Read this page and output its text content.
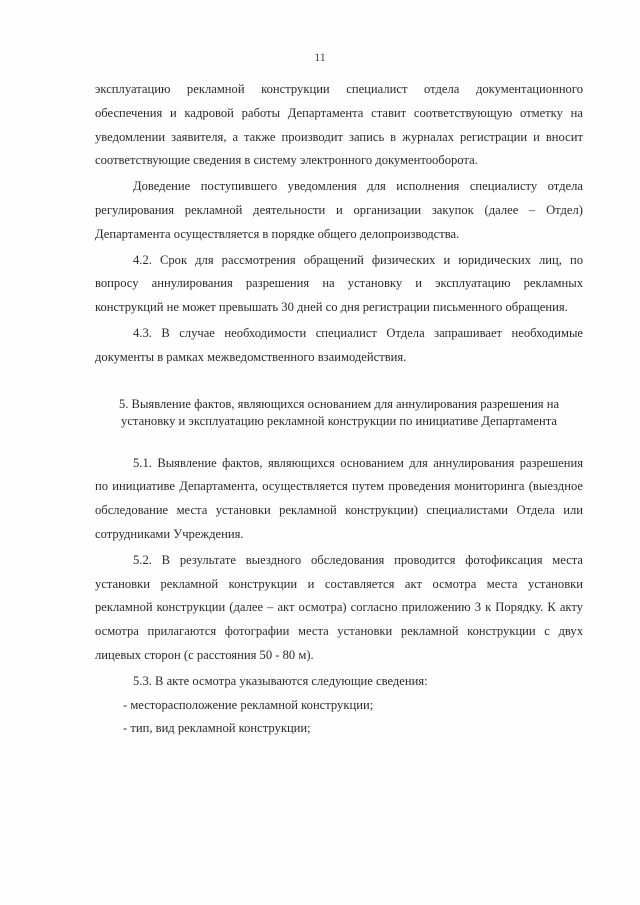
11

эксплуатацию рекламной конструкции специалист отдела документационного обеспечения и кадровой работы Департамента ставит соответствующую отметку на уведомлении заявителя, а также производит запись в журналах регистрации и вносит соответствующие сведения в систему электронного документооборота.

Доведение поступившего уведомления для исполнения специалисту отдела регулирования рекламной деятельности и организации закупок (далее – Отдел) Департамента осуществляется в порядке общего делопроизводства.

4.2. Срок для рассмотрения обращений физических и юридических лиц, по вопросу аннулирования разрешения на установку и эксплуатацию рекламных конструкций не может превышать 30 дней со дня регистрации письменного обращения.

4.3. В случае необходимости специалист Отдела запрашивает необходимые документы в рамках межведомственного взаимодействия.

5. Выявление фактов, являющихся основанием для аннулирования разрешения на установку и эксплуатацию рекламной конструкции по инициативе Департамента

5.1. Выявление фактов, являющихся основанием для аннулирования разрешения по инициативе Департамента, осуществляется путем проведения мониторинга (выездное обследование места установки рекламной конструкции) специалистами Отдела или сотрудниками Учреждения.

5.2. В результате выездного обследования проводится фотофиксация места установки рекламной конструкции и составляется акт осмотра места установки рекламной конструкции (далее – акт осмотра) согласно приложению 3 к Порядку. К акту осмотра прилагаются фотографии места установки рекламной конструкции с двух лицевых сторон (с расстояния 50 - 80 м).

5.3. В акте осмотра указываются следующие сведения:

- месторасположение рекламной конструкции;

- тип, вид рекламной конструкции;
